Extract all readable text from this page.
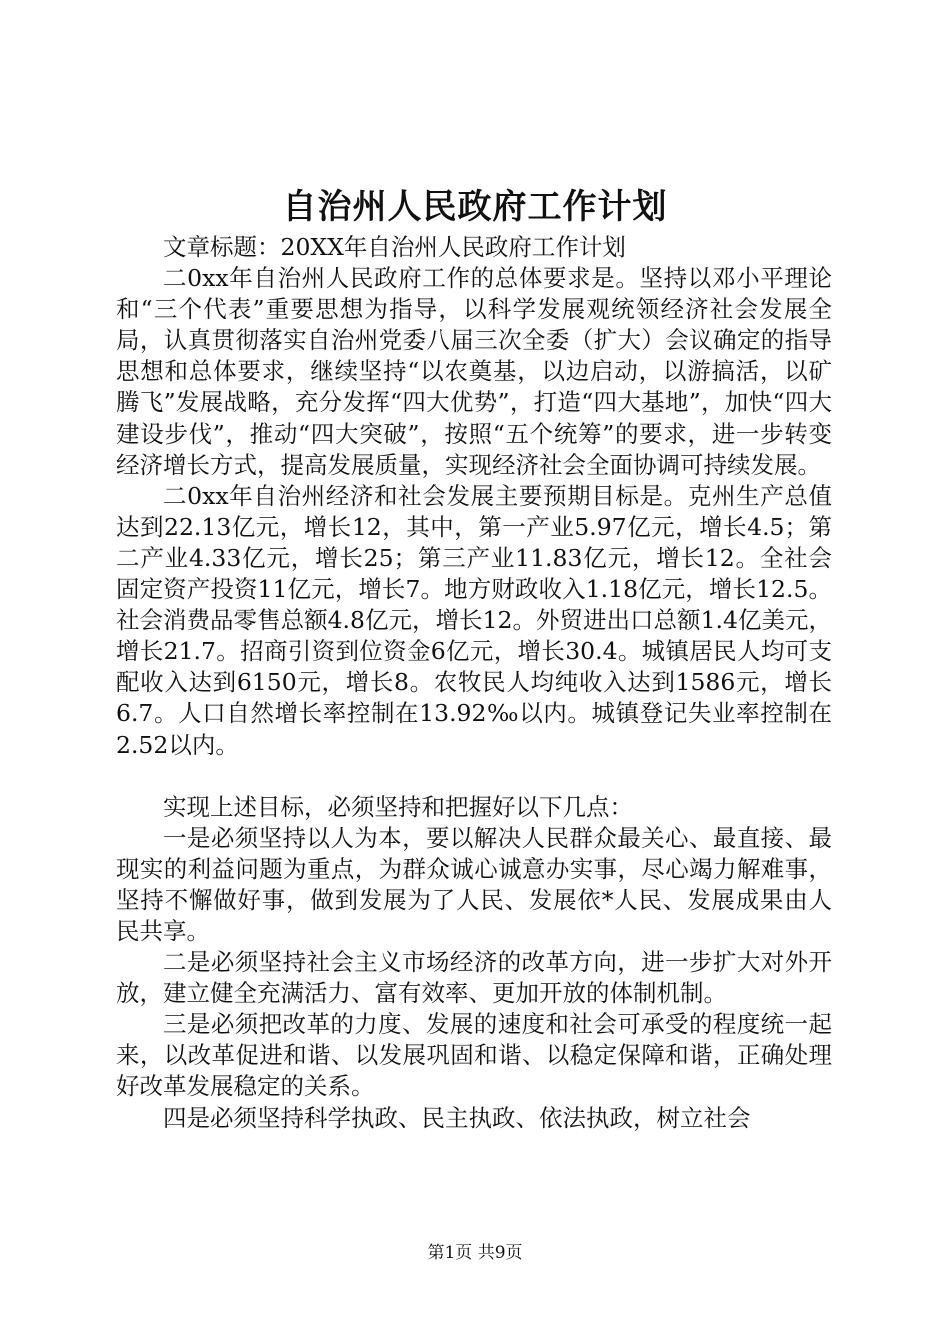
自治州人民政府工作计划

文章标题：20XX年自治州人民政府工作计划

二0xx年自治州人民政府工作的总体要求是。坚持以邓小平理论和“三个代表”重要思想为指导，以科学发展观统领经济社会发展全局，认真贯彻落实自治州党委八届三次全委（扩大）会议确定的指导思想和总体要求，继续坚持“以农奠基，以边启动，以游搞活，以矿腾飞”发展战略，充分发挥“四大优势”，打造“四大基地”，加快“四大建设步伐”，推动“四大突破”，按照“五个统筹”的要求，进一步转变经济增长方式，提高发展质量，实现经济社会全面协调可持续发展。

二0xx年自治州经济和社会发展主要预期目标是。克州生产总值达到22.13亿元，增长12，其中，第一产业5.97亿元，增长4.5；第二产业4.33亿元，增长25；第三产业11.83亿元，增长12。全社会固定资产投资11亿元，增长7。地方财政收入1.18亿元，增长12.5。社会消费品零售总额4.8亿元，增长12。外贸进出口总额1.4亿美元，增长21.7。招商引资到位资金6亿元，增长30.4。城镇居民人均可支配收入达到6150元，增长8。农牧民人均纯收入达到1586元，增长6.7。人口自然增长率控制在13.92‰以内。城镇登记失业率控制在2.52以内。

实现上述目标，必须坚持和把握好以下几点：

一是必须坚持以人为本，要以解决人民群众最关心、最直接、最现实的利益问题为重点，为群众诚心诚意办实事，尽心竭力解难事，坚持不懈做好事，做到发展为了人民、发展依*人民、发展成果由人民共享。

二是必须坚持社会主义市场经济的改革方向，进一步扩大对外开放，建立健全充满活力、富有效率、更加开放的体制机制。

三是必须把改革的力度、发展的速度和社会可承受的程度统一起来，以改革促进和谐、以发展巩固和谐、以稳定保障和谐，正确处理好改革发展稳定的关系。

四是必须坚持科学执政、民主执政、依法执政，树立社会

第1页 共9页
